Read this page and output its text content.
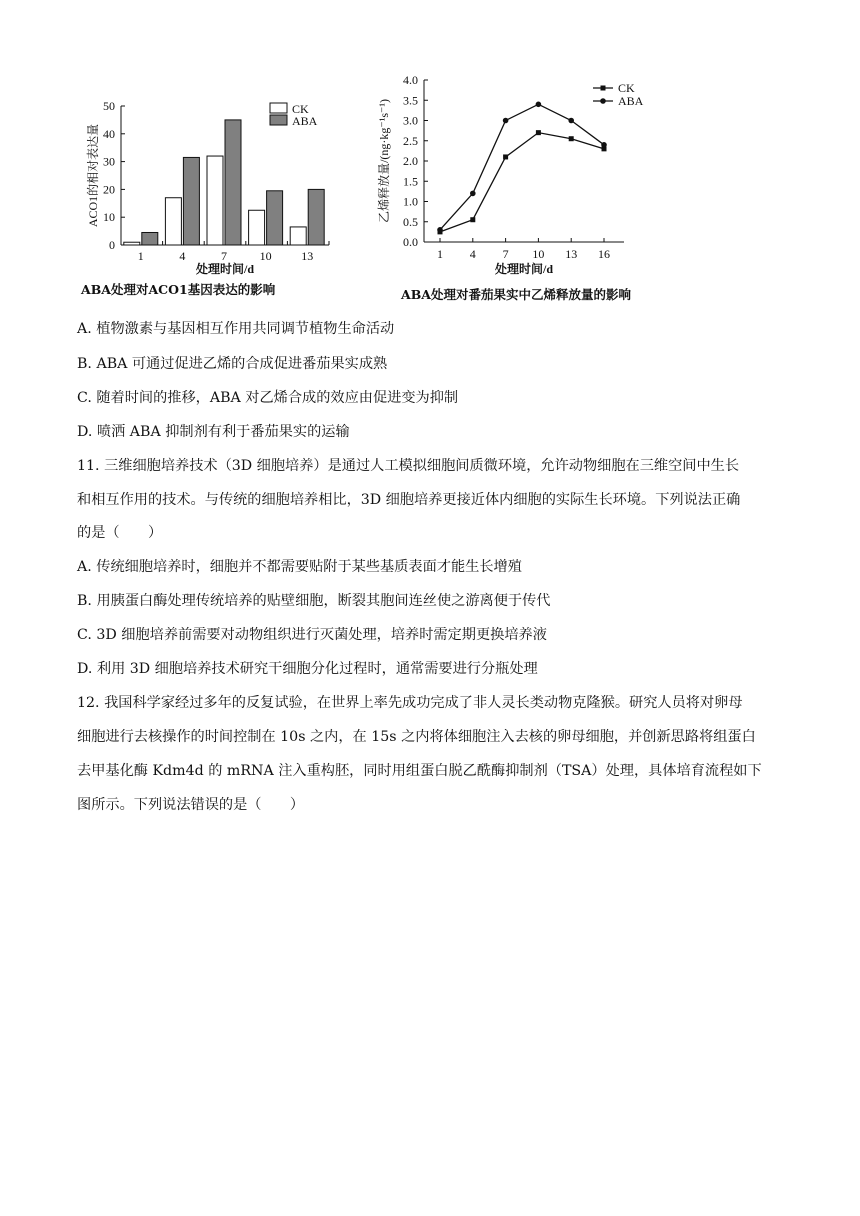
0
10
20
30
40
50
1	4	7	10 13
处理时间/d
ACO1的相对表达量
CK
ABA
ABA处理对ACO1基因表达的影响
0.0
0.5
1.0
1.5
2.0
2.5
3.0
3.5
4.0
1 4 7 10 13 16
处理时间/d
乙烯释放量/(ng·kg⁻¹s⁻¹)
CK
ABA
ABA处理对番茄果实中乙烯释放量的影响
A. 植物激素与基因相互作用共同调节植物生命活动
B. ABA 可通过促进乙烯的合成促进番茄果实成熟
C. 随着时间的推移，ABA 对乙烯合成的效应由促进变为抑制
D. 喷洒 ABA 抑制剂有利于番茄果实的运输
11. 三维细胞培养技术（3D 细胞培养）是通过人工模拟细胞间质微环境，允许动物细胞在三维空间中生长
和相互作用的技术。与传统的细胞培养相比，3D 细胞培养更接近体内细胞的实际生长环境。下列说法正确
的是（　　）
A. 传统细胞培养时，细胞并不都需要贴附于某些基质表面才能生长增殖
B. 用胰蛋白酶处理传统培养的贴壁细胞，断裂其胞间连丝使之游离便于传代
C. 3D 细胞培养前需要对动物组织进行灭菌处理，培养时需定期更换培养液
D. 利用 3D 细胞培养技术研究干细胞分化过程时，通常需要进行分瓶处理
12. 我国科学家经过多年的反复试验，在世界上率先成功完成了非人灵长类动物克隆猴。研究人员将对卵母
细胞进行去核操作的时间控制在 10s 之内，在 15s 之内将体细胞注入去核的卵母细胞，并创新思路将组蛋白
去甲基化酶 Kdm4d 的 mRNA 注入重构胚，同时用组蛋白脱乙酰酶抑制剂（TSA）处理，具体培育流程如下
图所示。下列说法错误的是（　　）
